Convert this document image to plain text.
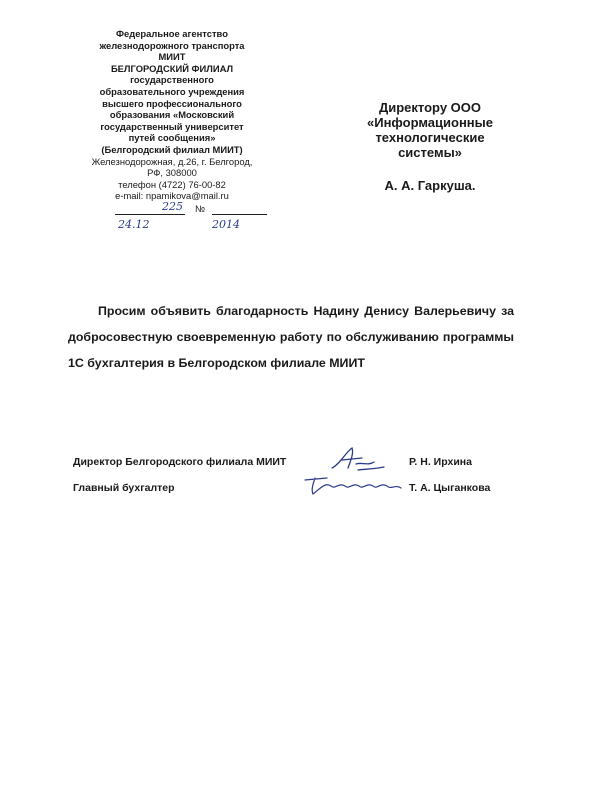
Федеральное агентство
железнодорожного транспорта
МИИТ
БЕЛГОРОДСКИЙ ФИЛИАЛ
государственного
образовательного учреждения
высшего профессионального
образования «Московский
государственный университет
путей сообщения»
(Белгородский филиал МИИТ)
Железнодорожная, д.26, г. Белгород,
РФ, 308000
телефон (4722) 76-00-82
e-mail: npamikova@mail.ru
225 №
24.12	2014
Директору ООО
«Информационные
технологические
системы»
А. А. Гаркуша.
Просим объявить благодарность Надину Денису Валерьевичу за добросовестную своевременную работу по обслуживанию программы 1С бухгалтерия в Белгородском филиале МИИТ
Директор Белгородского филиала МИИТ	Р. Н. Ирхина
Главный бухгалтер	Т. А. Цыганкова
